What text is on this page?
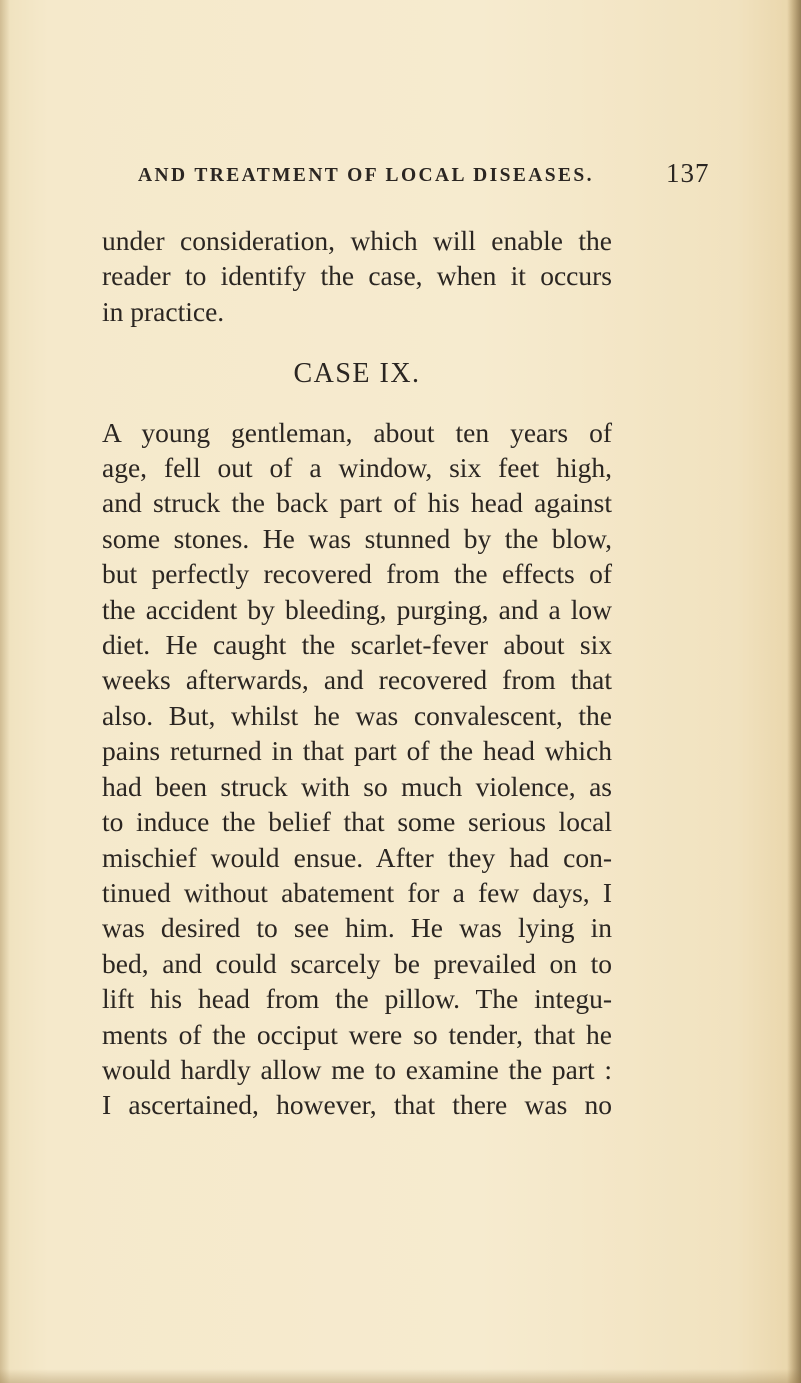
AND TREATMENT OF LOCAL DISEASES.	137
under consideration, which will enable the
reader to identify the case, when it occurs
in practice.
CASE IX.
A young gentleman, about ten years of
age, fell out of a window, six feet high,
and struck the back part of his head against
some stones. He was stunned by the blow,
but perfectly recovered from the effects of
the accident by bleeding, purging, and a low
diet. He caught the scarlet-fever about six
weeks afterwards, and recovered from that
also. But, whilst he was convalescent, the
pains returned in that part of the head which
had been struck with so much violence, as
to induce the belief that some serious local
mischief would ensue. After they had con-
tinued without abatement for a few days, I
was desired to see him. He was lying in
bed, and could scarcely be prevailed on to
lift his head from the pillow. The integu-
ments of the occiput were so tender, that he
would hardly allow me to examine the part :
I ascertained, however, that there was no
